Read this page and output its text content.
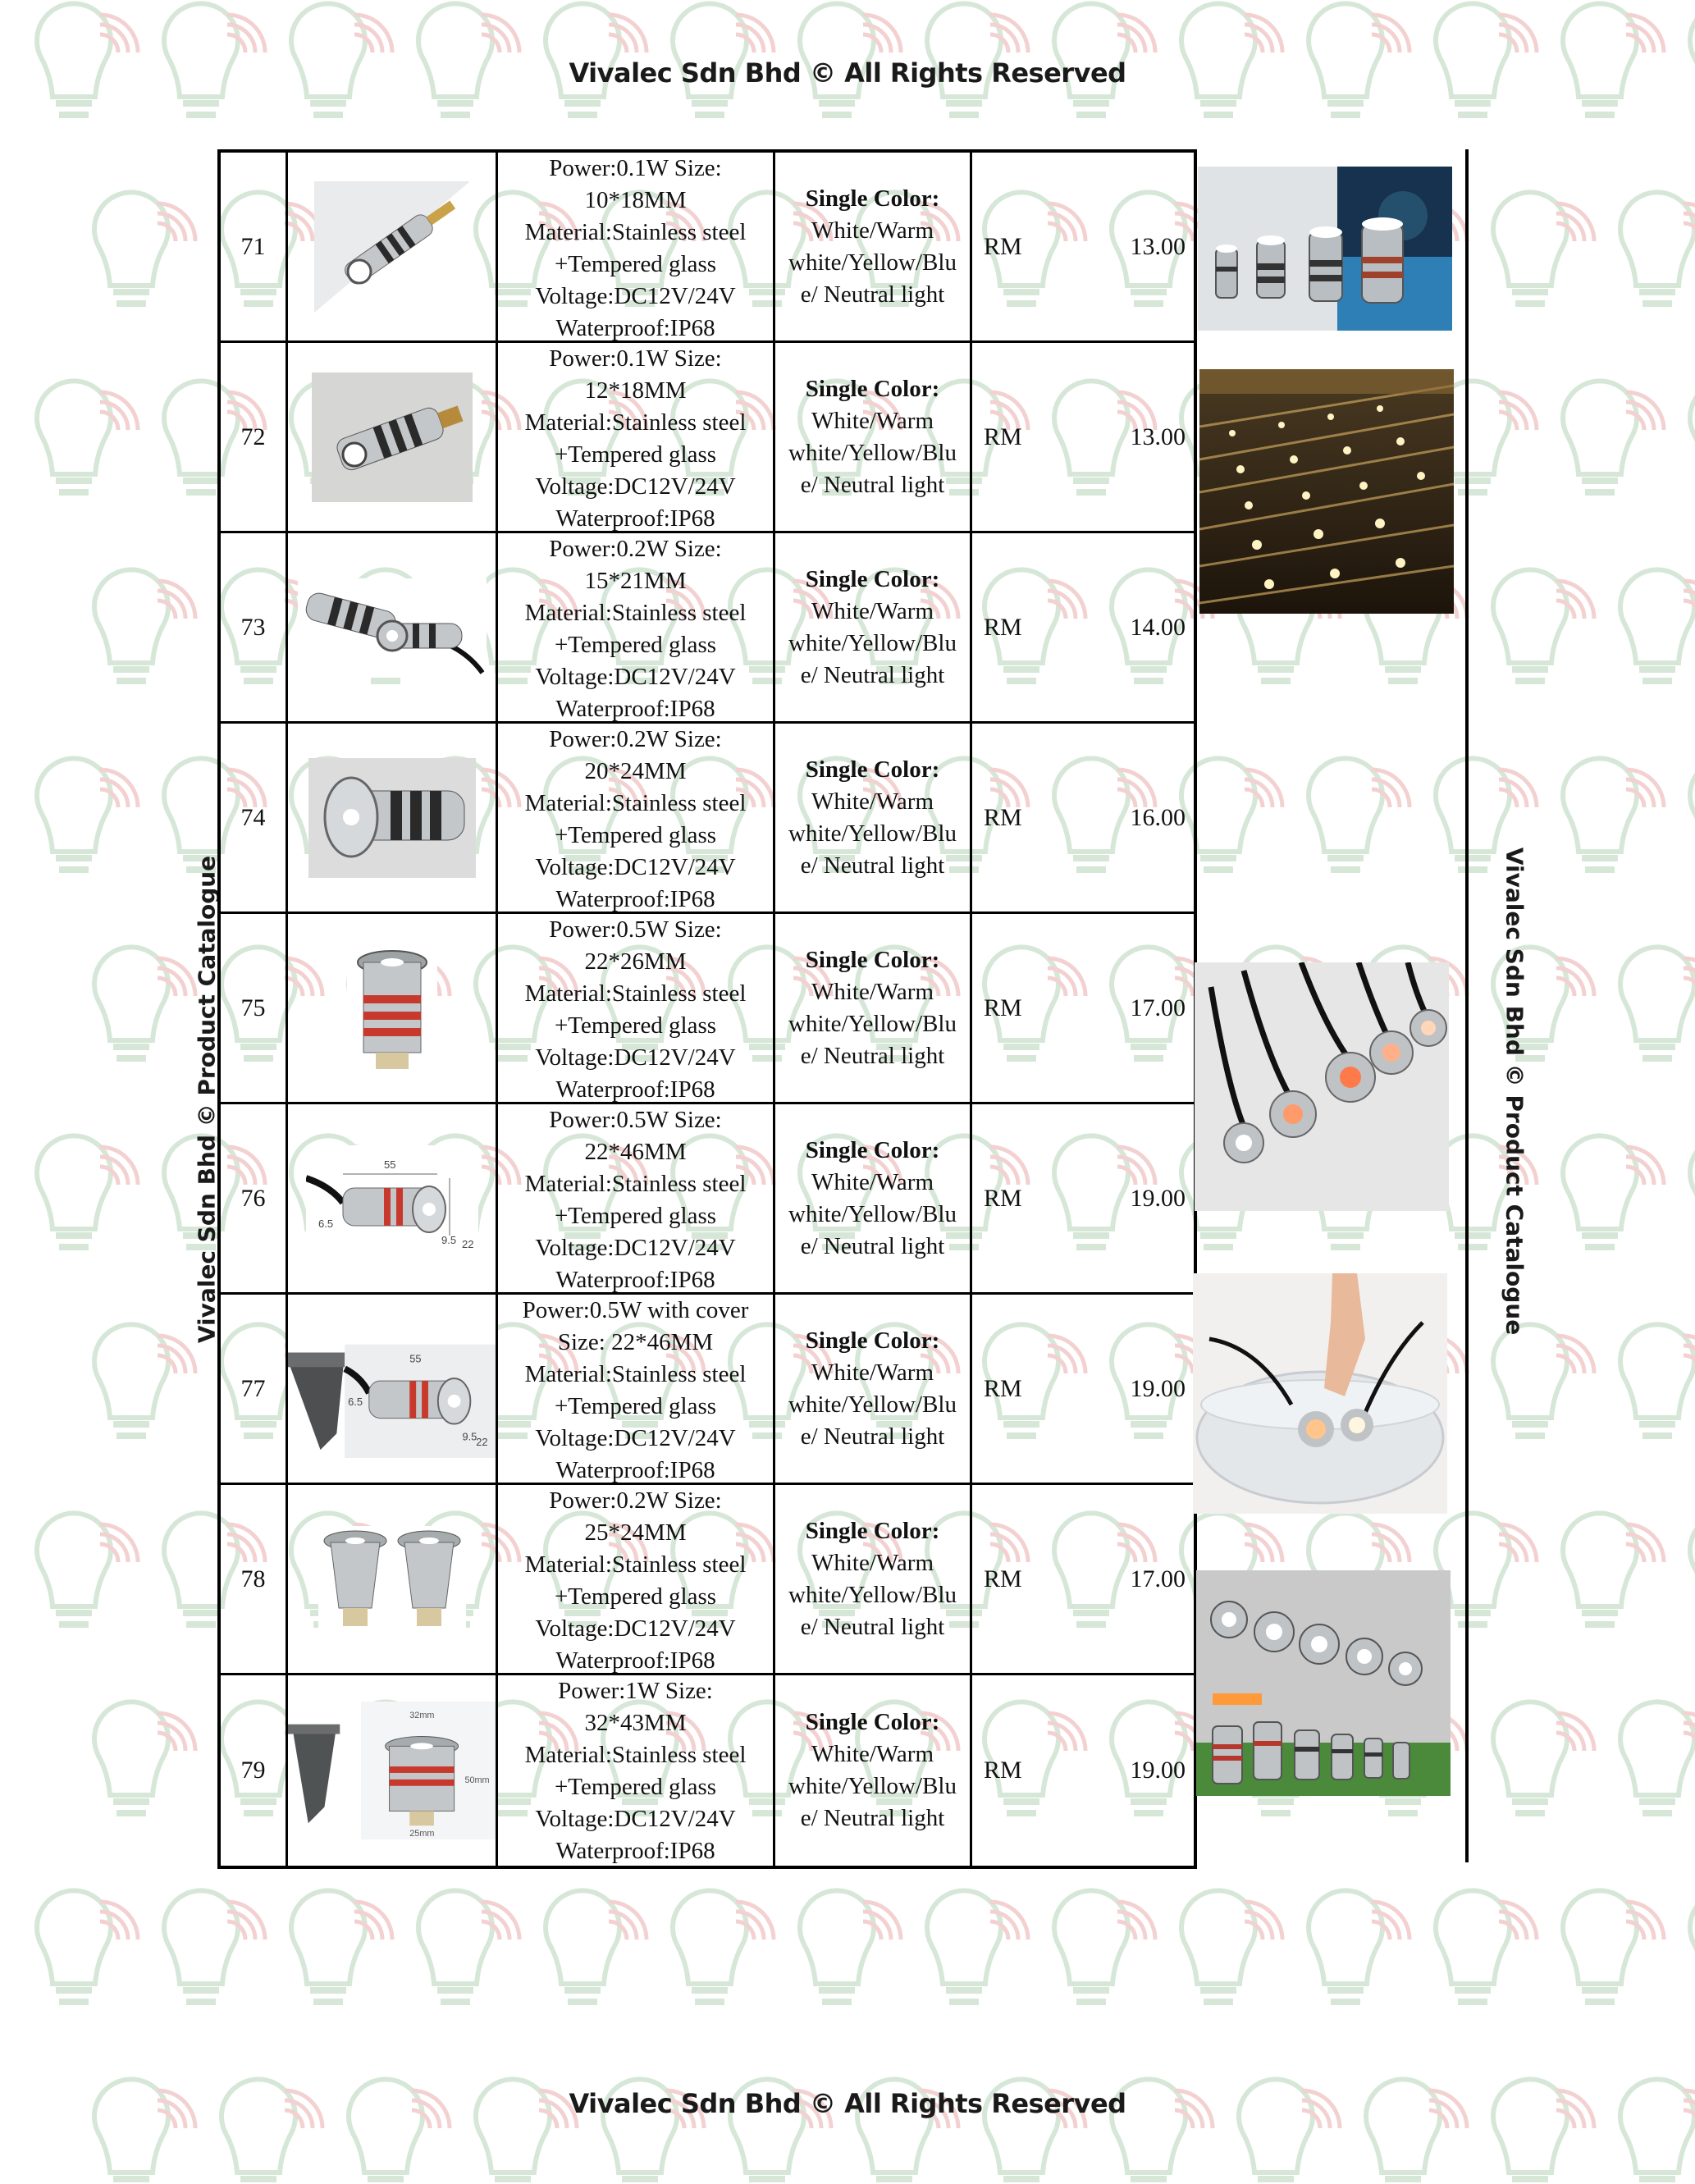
Vivalec Sdn Bhd © All Rights Reserved
Vivalec Sdn Bhd © All Rights Reserved
Vivalec Sdn Bhd © Product Catalogue	Vivalec Sdn Bhd © Product Catalogue
71
Power:0.1W Size:
10*18MM
Material:Stainless steel
+Tempered glass
Voltage:DC12V/24V
Waterproof:IP68
Single Color:
White/Warm
white/Yellow/Blu
e/ Neutral light
RM	13.00
72
Power:0.1W Size:
12*18MM
Material:Stainless steel
+Tempered glass
Voltage:DC12V/24V
Waterproof:IP68
Single Color:
White/Warm
white/Yellow/Blu
e/ Neutral light
RM	13.00
73
Power:0.2W Size:
15*21MM
Material:Stainless steel
+Tempered glass
Voltage:DC12V/24V
Waterproof:IP68
Single Color:
White/Warm
white/Yellow/Blu
e/ Neutral light
RM	14.00
74
Power:0.2W Size:
20*24MM
Material:Stainless steel
+Tempered glass
Voltage:DC12V/24V
Waterproof:IP68
Single Color:
White/Warm
white/Yellow/Blu
e/ Neutral light
RM	16.00
75
Power:0.5W Size:
22*26MM
Material:Stainless steel
+Tempered glass
Voltage:DC12V/24V
Waterproof:IP68
Single Color:
White/Warm
white/Yellow/Blu
e/ Neutral light
RM	17.00
76
55
6.5
9.5 22
Power:0.5W Size:
22*46MM
Material:Stainless steel
+Tempered glass
Voltage:DC12V/24V
Waterproof:IP68
Single Color:
White/Warm
white/Yellow/Blu
e/ Neutral light
RM	19.00
77
55
6.5
9.5
22
Power:0.5W with cover
Size: 22*46MM
Material:Stainless steel
+Tempered glass
Voltage:DC12V/24V
Waterproof:IP68
Single Color:
White/Warm
white/Yellow/Blu
e/ Neutral light
RM	19.00
78
Power:0.2W Size:
25*24MM
Material:Stainless steel
+Tempered glass
Voltage:DC12V/24V
Waterproof:IP68
Single Color:
White/Warm
white/Yellow/Blu
e/ Neutral light
RM	17.00
79
32mm
50mm
25mm
Power:1W Size:
32*43MM
Material:Stainless steel
+Tempered glass
Voltage:DC12V/24V
Waterproof:IP68
Single Color:
White/Warm
white/Yellow/Blu
e/ Neutral light
RM	19.00
